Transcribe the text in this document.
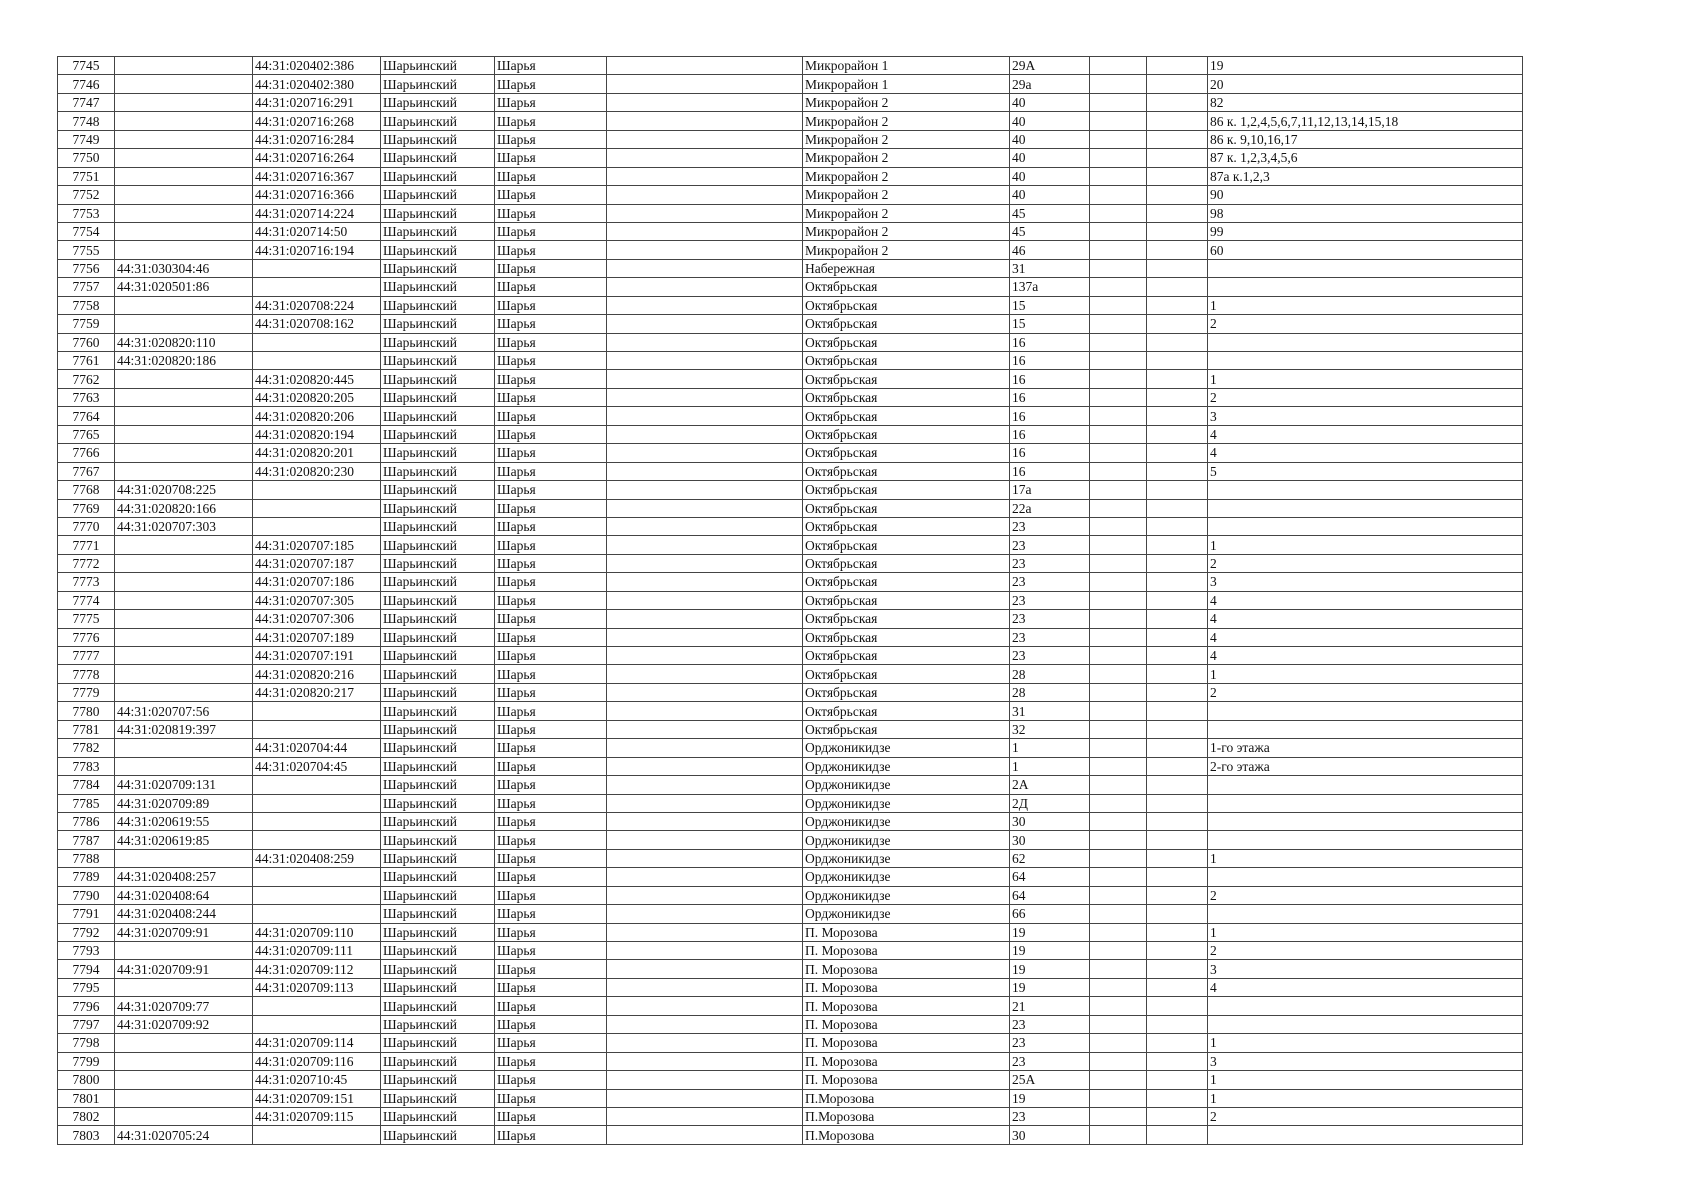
7745		44:31:020402:386	Шарьинский	Шарья		Микрорайон 1	29А			19
7746		44:31:020402:380	Шарьинский	Шарья		Микрорайон 1	29а			20
7747		44:31:020716:291	Шарьинский	Шарья		Микрорайон 2	40			82
7748		44:31:020716:268	Шарьинский	Шарья		Микрорайон 2	40			86 к. 1,2,4,5,6,7,11,12,13,14,15,18
7749		44:31:020716:284	Шарьинский	Шарья		Микрорайон 2	40			86 к. 9,10,16,17
7750		44:31:020716:264	Шарьинский	Шарья		Микрорайон 2	40			87 к. 1,2,3,4,5,6
7751		44:31:020716:367	Шарьинский	Шарья		Микрорайон 2	40			87а к.1,2,3
7752		44:31:020716:366	Шарьинский	Шарья		Микрорайон 2	40			90
7753		44:31:020714:224	Шарьинский	Шарья		Микрорайон 2	45			98
7754		44:31:020714:50	Шарьинский	Шарья		Микрорайон 2	45			99
7755		44:31:020716:194	Шарьинский	Шарья		Микрорайон 2	46			60
7756	44:31:030304:46		Шарьинский	Шарья		Набережная	31			
7757	44:31:020501:86		Шарьинский	Шарья		Октябрьская	137а			
7758		44:31:020708:224	Шарьинский	Шарья		Октябрьская	15			1
7759		44:31:020708:162	Шарьинский	Шарья		Октябрьская	15			2
7760	44:31:020820:110		Шарьинский	Шарья		Октябрьская	16			
7761	44:31:020820:186		Шарьинский	Шарья		Октябрьская	16			
7762		44:31:020820:445	Шарьинский	Шарья		Октябрьская	16			1
7763		44:31:020820:205	Шарьинский	Шарья		Октябрьская	16			2
7764		44:31:020820:206	Шарьинский	Шарья		Октябрьская	16			3
7765		44:31:020820:194	Шарьинский	Шарья		Октябрьская	16			4
7766		44:31:020820:201	Шарьинский	Шарья		Октябрьская	16			4
7767		44:31:020820:230	Шарьинский	Шарья		Октябрьская	16			5
7768	44:31:020708:225		Шарьинский	Шарья		Октябрьская	17а			
7769	44:31:020820:166		Шарьинский	Шарья		Октябрьская	22а			
7770	44:31:020707:303		Шарьинский	Шарья		Октябрьская	23			
7771		44:31:020707:185	Шарьинский	Шарья		Октябрьская	23			1
7772		44:31:020707:187	Шарьинский	Шарья		Октябрьская	23			2
7773		44:31:020707:186	Шарьинский	Шарья		Октябрьская	23			3
7774		44:31:020707:305	Шарьинский	Шарья		Октябрьская	23			4
7775		44:31:020707:306	Шарьинский	Шарья		Октябрьская	23			4
7776		44:31:020707:189	Шарьинский	Шарья		Октябрьская	23			4
7777		44:31:020707:191	Шарьинский	Шарья		Октябрьская	23			4
7778		44:31:020820:216	Шарьинский	Шарья		Октябрьская	28			1
7779		44:31:020820:217	Шарьинский	Шарья		Октябрьская	28			2
7780	44:31:020707:56		Шарьинский	Шарья		Октябрьская	31			
7781	44:31:020819:397		Шарьинский	Шарья		Октябрьская	32			
7782		44:31:020704:44	Шарьинский	Шарья		Орджоникидзе	1			1-го этажа
7783		44:31:020704:45	Шарьинский	Шарья		Орджоникидзе	1			2-го этажа
7784	44:31:020709:131		Шарьинский	Шарья		Орджоникидзе	2А			
7785	44:31:020709:89		Шарьинский	Шарья		Орджоникидзе	2Д			
7786	44:31:020619:55		Шарьинский	Шарья		Орджоникидзе	30			
7787	44:31:020619:85		Шарьинский	Шарья		Орджоникидзе	30			
7788		44:31:020408:259	Шарьинский	Шарья		Орджоникидзе	62			1
7789	44:31:020408:257		Шарьинский	Шарья		Орджоникидзе	64			
7790	44:31:020408:64		Шарьинский	Шарья		Орджоникидзе	64			2
7791	44:31:020408:244		Шарьинский	Шарья		Орджоникидзе	66			
7792	44:31:020709:91	44:31:020709:110	Шарьинский	Шарья		П. Морозова	19			1
7793		44:31:020709:111	Шарьинский	Шарья		П. Морозова	19			2
7794	44:31:020709:91	44:31:020709:112	Шарьинский	Шарья		П. Морозова	19			3
7795		44:31:020709:113	Шарьинский	Шарья		П. Морозова	19			4
7796	44:31:020709:77		Шарьинский	Шарья		П. Морозова	21			
7797	44:31:020709:92		Шарьинский	Шарья		П. Морозова	23			
7798		44:31:020709:114	Шарьинский	Шарья		П. Морозова	23			1
7799		44:31:020709:116	Шарьинский	Шарья		П. Морозова	23			3
7800		44:31:020710:45	Шарьинский	Шарья		П. Морозова	25А			1
7801		44:31:020709:151	Шарьинский	Шарья		П.Морозова	19			1
7802		44:31:020709:115	Шарьинский	Шарья		П.Морозова	23			2
7803	44:31:020705:24		Шарьинский	Шарья		П.Морозова	30			
